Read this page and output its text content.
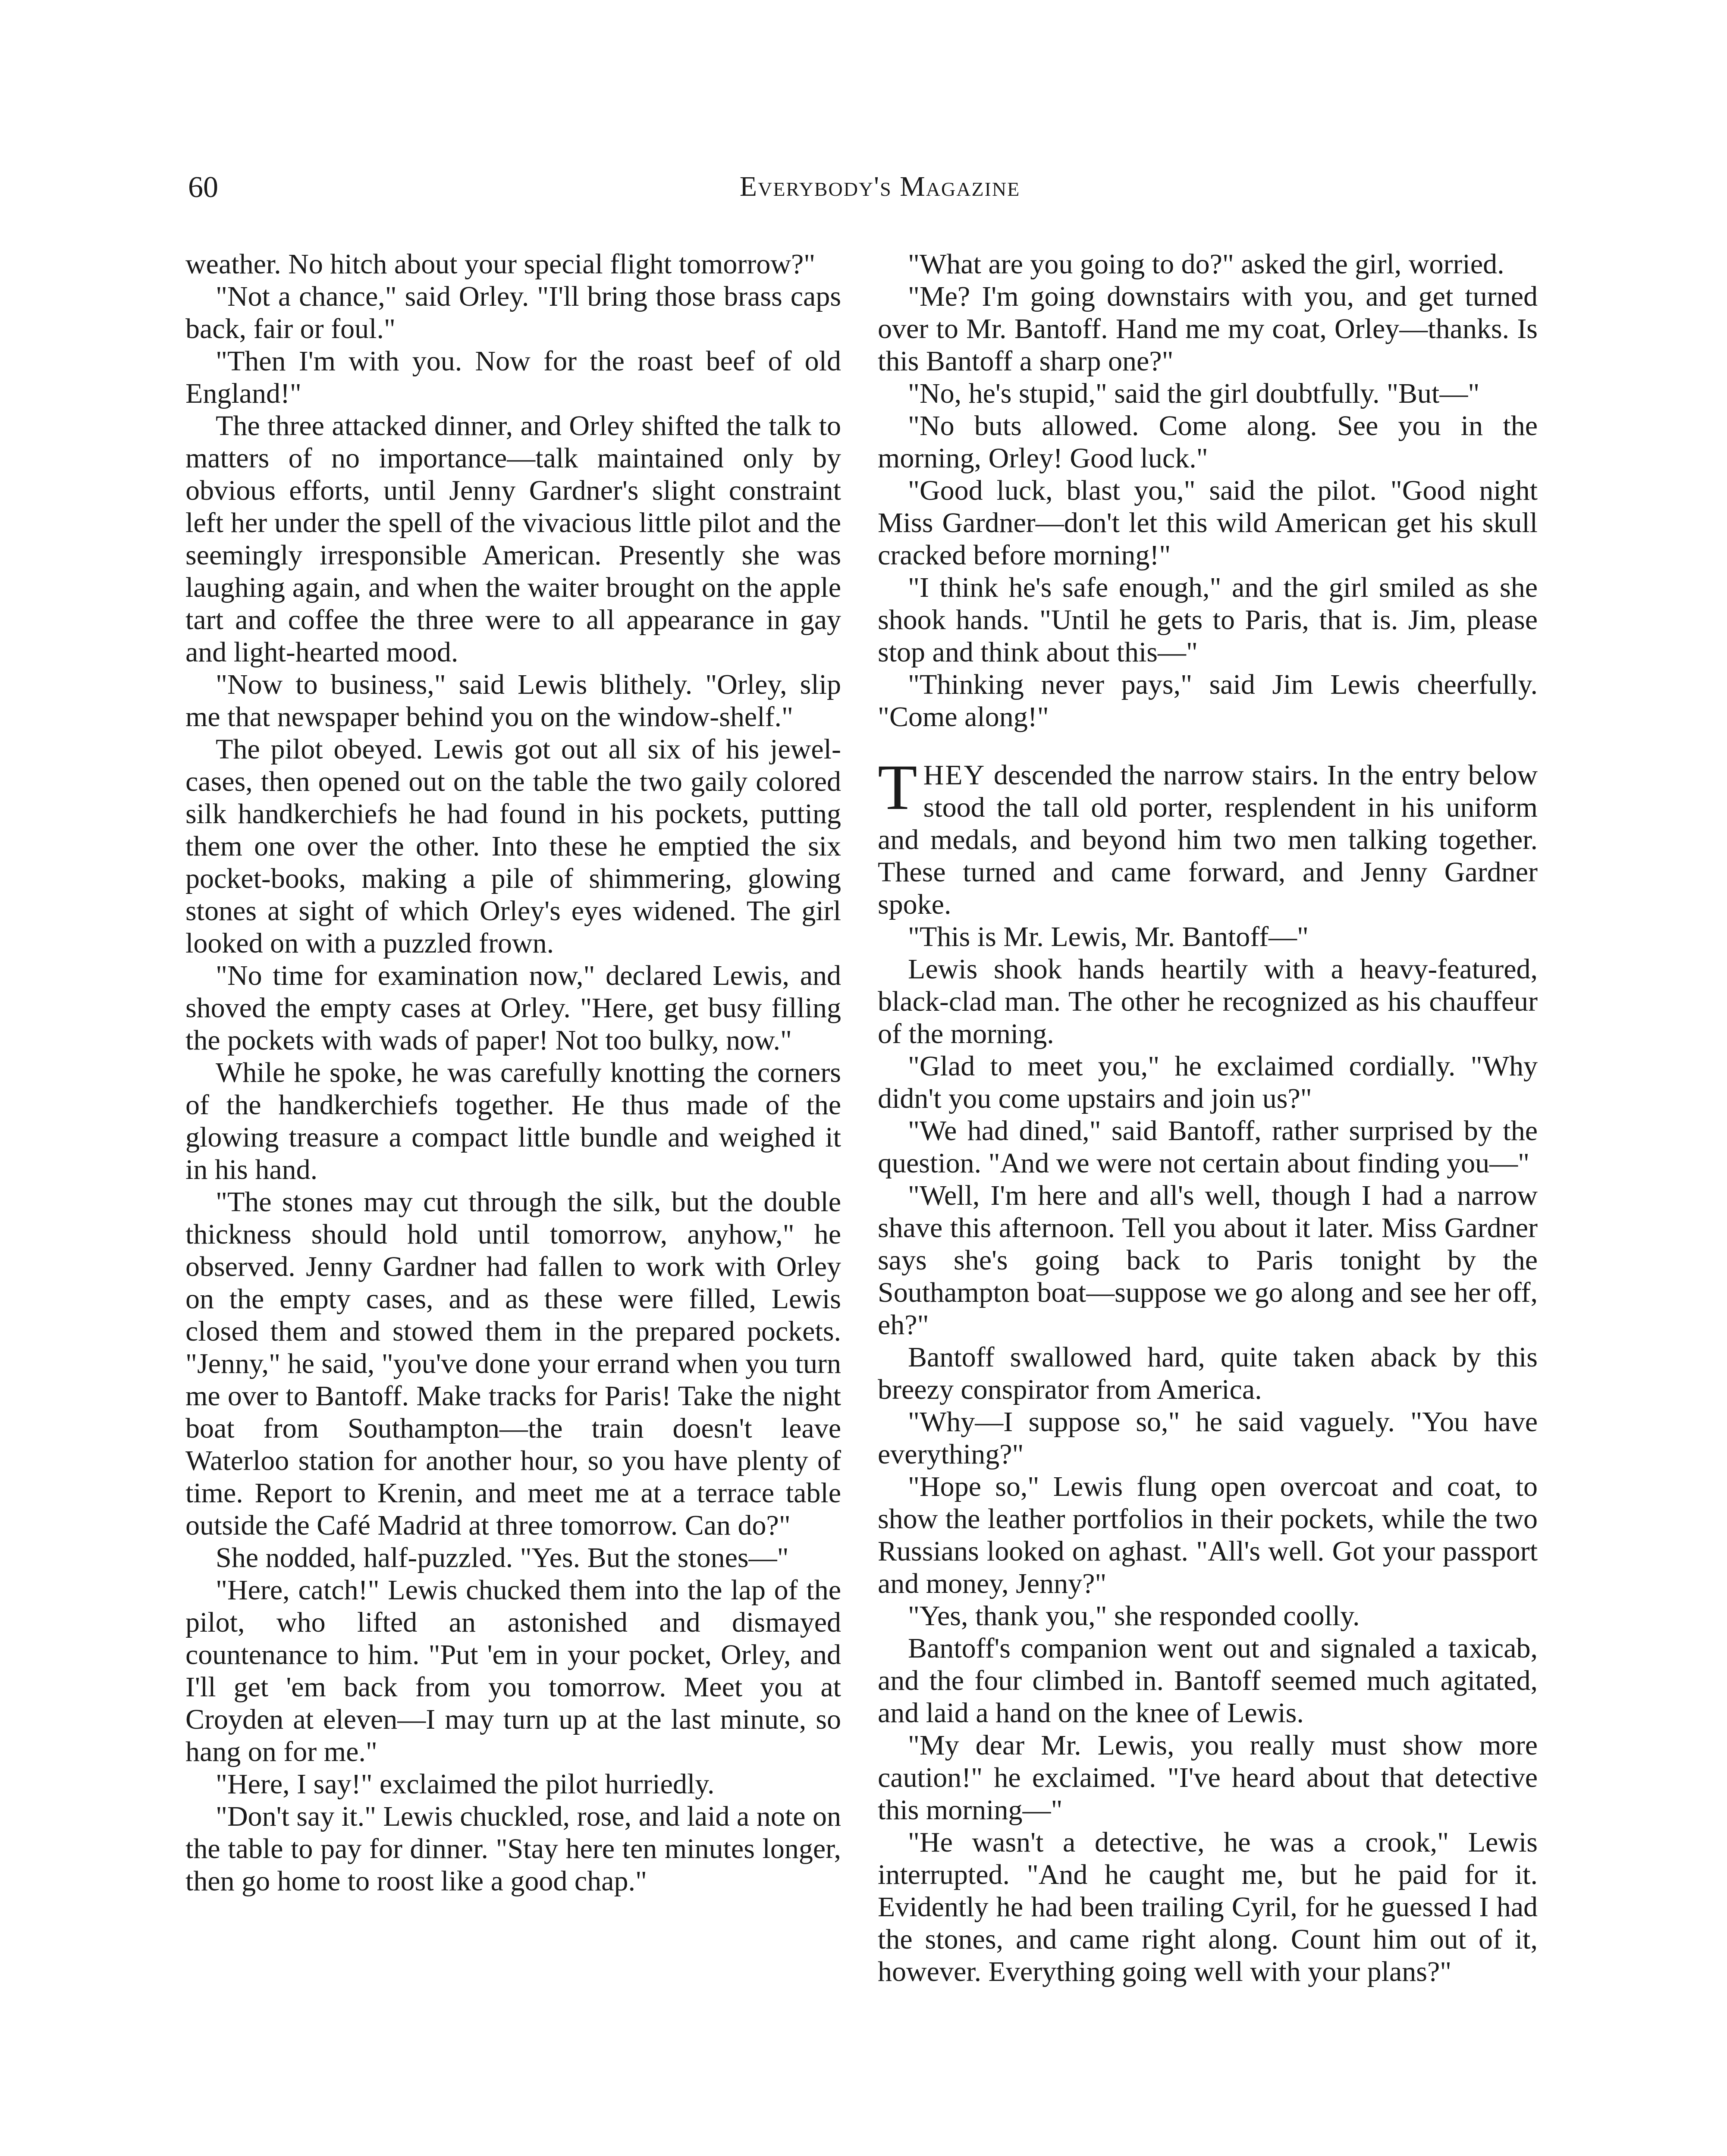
60	Everybody's Magazine

weather. No hitch about your special flight tomorrow?"

"Not a chance," said Orley. "I'll bring those brass caps back, fair or foul."

"Then I'm with you. Now for the roast beef of old England!"

The three attacked dinner, and Orley shifted the talk to matters of no importance—talk maintained only by obvious efforts, until Jenny Gardner's slight constraint left her under the spell of the vivacious little pilot and the seemingly irresponsible American. Presently she was laughing again, and when the waiter brought on the apple tart and coffee the three were to all appearance in gay and light-hearted mood.

"Now to business," said Lewis blithely. "Orley, slip me that newspaper behind you on the window-shelf."

The pilot obeyed. Lewis got out all six of his jewel-cases, then opened out on the table the two gaily colored silk handkerchiefs he had found in his pockets, putting them one over the other. Into these he emptied the six pocket-books, making a pile of shimmering, glowing stones at sight of which Orley's eyes widened. The girl looked on with a puzzled frown.

"No time for examination now," declared Lewis, and shoved the empty cases at Orley. "Here, get busy filling the pockets with wads of paper! Not too bulky, now."

While he spoke, he was carefully knotting the corners of the handkerchiefs together. He thus made of the glowing treasure a compact little bundle and weighed it in his hand.

"The stones may cut through the silk, but the double thickness should hold until tomorrow, anyhow," he observed. Jenny Gardner had fallen to work with Orley on the empty cases, and as these were filled, Lewis closed them and stowed them in the prepared pockets. "Jenny," he said, "you've done your errand when you turn me over to Bantoff. Make tracks for Paris! Take the night boat from Southampton—the train doesn't leave Waterloo station for another hour, so you have plenty of time. Report to Krenin, and meet me at a terrace table outside the Café Madrid at three tomorrow. Can do?"

She nodded, half-puzzled. "Yes. But the stones—"

"Here, catch!" Lewis chucked them into the lap of the pilot, who lifted an astonished and dismayed countenance to him. "Put 'em in your pocket, Orley, and I'll get 'em back from you tomorrow. Meet you at Croyden at eleven—I may turn up at the last minute, so hang on for me."

"Here, I say!" exclaimed the pilot hurriedly.

"Don't say it." Lewis chuckled, rose, and laid a note on the table to pay for dinner. "Stay here ten minutes longer, then go home to roost like a good chap."

"What are you going to do?" asked the girl, worried.

"Me? I'm going downstairs with you, and get turned over to Mr. Bantoff. Hand me my coat, Orley—thanks. Is this Bantoff a sharp one?"

"No, he's stupid," said the girl doubtfully. "But—"

"No buts allowed. Come along. See you in the morning, Orley! Good luck."

"Good luck, blast you," said the pilot. "Good night Miss Gardner—don't let this wild American get his skull cracked before morning!"

"I think he's safe enough," and the girl smiled as she shook hands. "Until he gets to Paris, that is. Jim, please stop and think about this—"

"Thinking never pays," said Jim Lewis cheerfully. "Come along!"

THEY descended the narrow stairs. In the entry below stood the tall old porter, resplendent in his uniform and medals, and beyond him two men talking together. These turned and came forward, and Jenny Gardner spoke.

"This is Mr. Lewis, Mr. Bantoff—"

Lewis shook hands heartily with a heavy-featured, black-clad man. The other he recognized as his chauffeur of the morning.

"Glad to meet you," he exclaimed cordially. "Why didn't you come upstairs and join us?"

"We had dined," said Bantoff, rather surprised by the question. "And we were not certain about finding you—"

"Well, I'm here and all's well, though I had a narrow shave this afternoon. Tell you about it later. Miss Gardner says she's going back to Paris tonight by the Southampton boat—suppose we go along and see her off, eh?"

Bantoff swallowed hard, quite taken aback by this breezy conspirator from America.

"Why—I suppose so," he said vaguely. "You have everything?"

"Hope so," Lewis flung open overcoat and coat, to show the leather portfolios in their pockets, while the two Russians looked on aghast. "All's well. Got your passport and money, Jenny?"

"Yes, thank you," she responded coolly.

Bantoff's companion went out and signaled a taxicab, and the four climbed in. Bantoff seemed much agitated, and laid a hand on the knee of Lewis.

"My dear Mr. Lewis, you really must show more caution!" he exclaimed. "I've heard about that detective this morning—"

"He wasn't a detective, he was a crook," Lewis interrupted. "And he caught me, but he paid for it. Evidently he had been trailing Cyril, for he guessed I had the stones, and came right along. Count him out of it, however. Everything going well with your plans?"
